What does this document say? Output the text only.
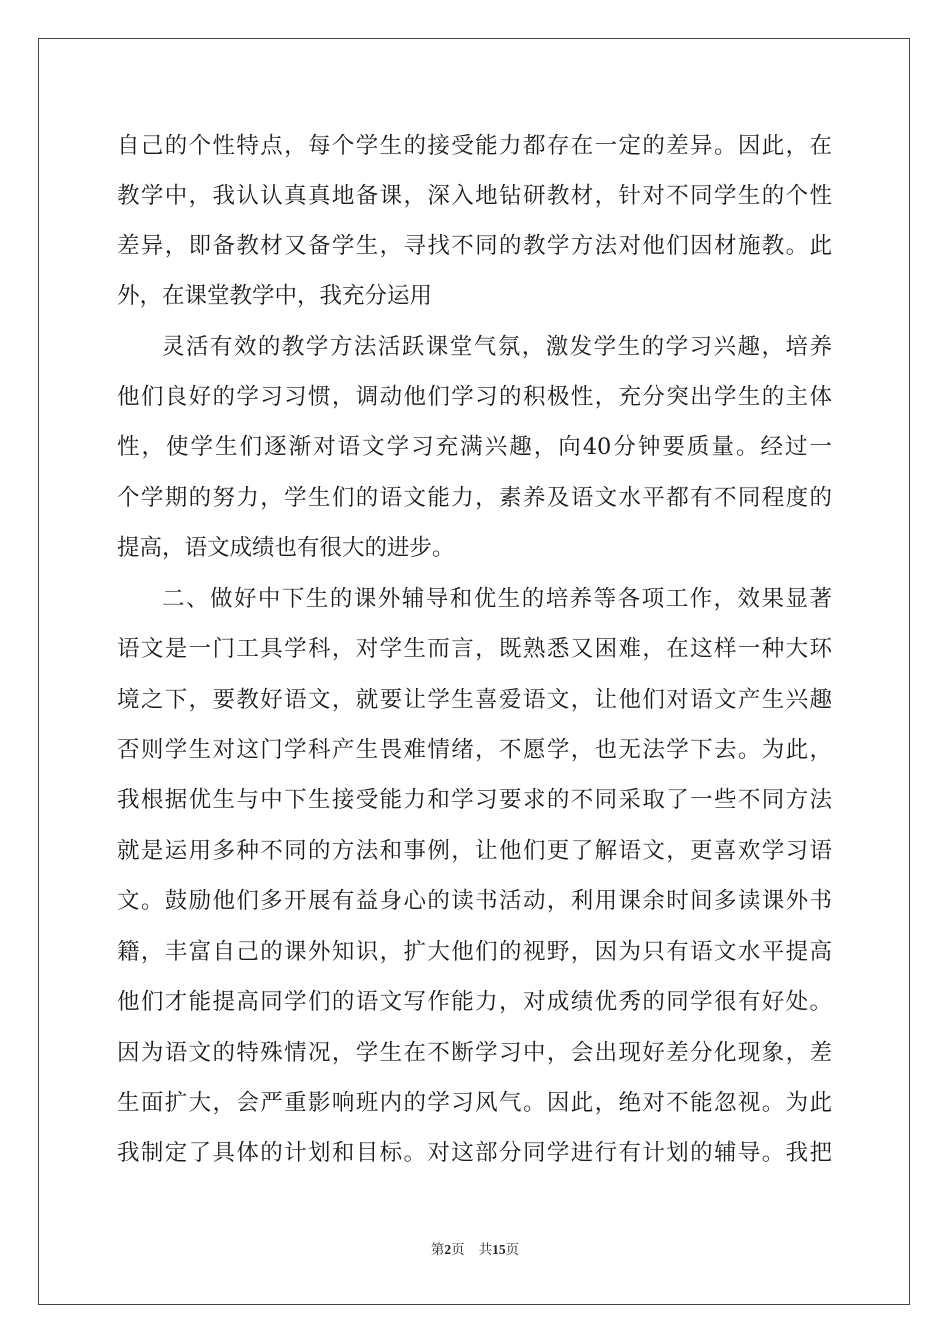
自己的个性特点，每个学生的接受能力都存在一定的差异。因此，在
教学中，我认认真真地备课，深入地钻研教材，针对不同学生的个性
差异，即备教材又备学生，寻找不同的教学方法对他们因材施教。此
外，在课堂教学中，我充分运用
灵活有效的教学方法活跃课堂气氛，激发学生的学习兴趣，培养
他们良好的学习习惯，调动他们学习的积极性，充分突出学生的主体
性，使学生们逐渐对语文学习充满兴趣，向40分钟要质量。经过一
个学期的努力，学生们的语文能力，素养及语文水平都有不同程度的
提高，语文成绩也有很大的进步。
二、做好中下生的课外辅导和优生的培养等各项工作，效果显著
语文是一门工具学科，对学生而言，既熟悉又困难，在这样一种大环
境之下，要教好语文，就要让学生喜爱语文，让他们对语文产生兴趣
否则学生对这门学科产生畏难情绪，不愿学，也无法学下去。为此，
我根据优生与中下生接受能力和学习要求的不同采取了一些不同方法
就是运用多种不同的方法和事例，让他们更了解语文，更喜欢学习语
文。鼓励他们多开展有益身心的读书活动，利用课余时间多读课外书
籍，丰富自己的课外知识，扩大他们的视野，因为只有语文水平提高
他们才能提高同学们的语文写作能力，对成绩优秀的同学很有好处。
因为语文的特殊情况，学生在不断学习中，会出现好差分化现象，差
生面扩大，会严重影响班内的学习风气。因此，绝对不能忽视。为此
我制定了具体的计划和目标。对这部分同学进行有计划的辅导。我把
第2页 共15页
